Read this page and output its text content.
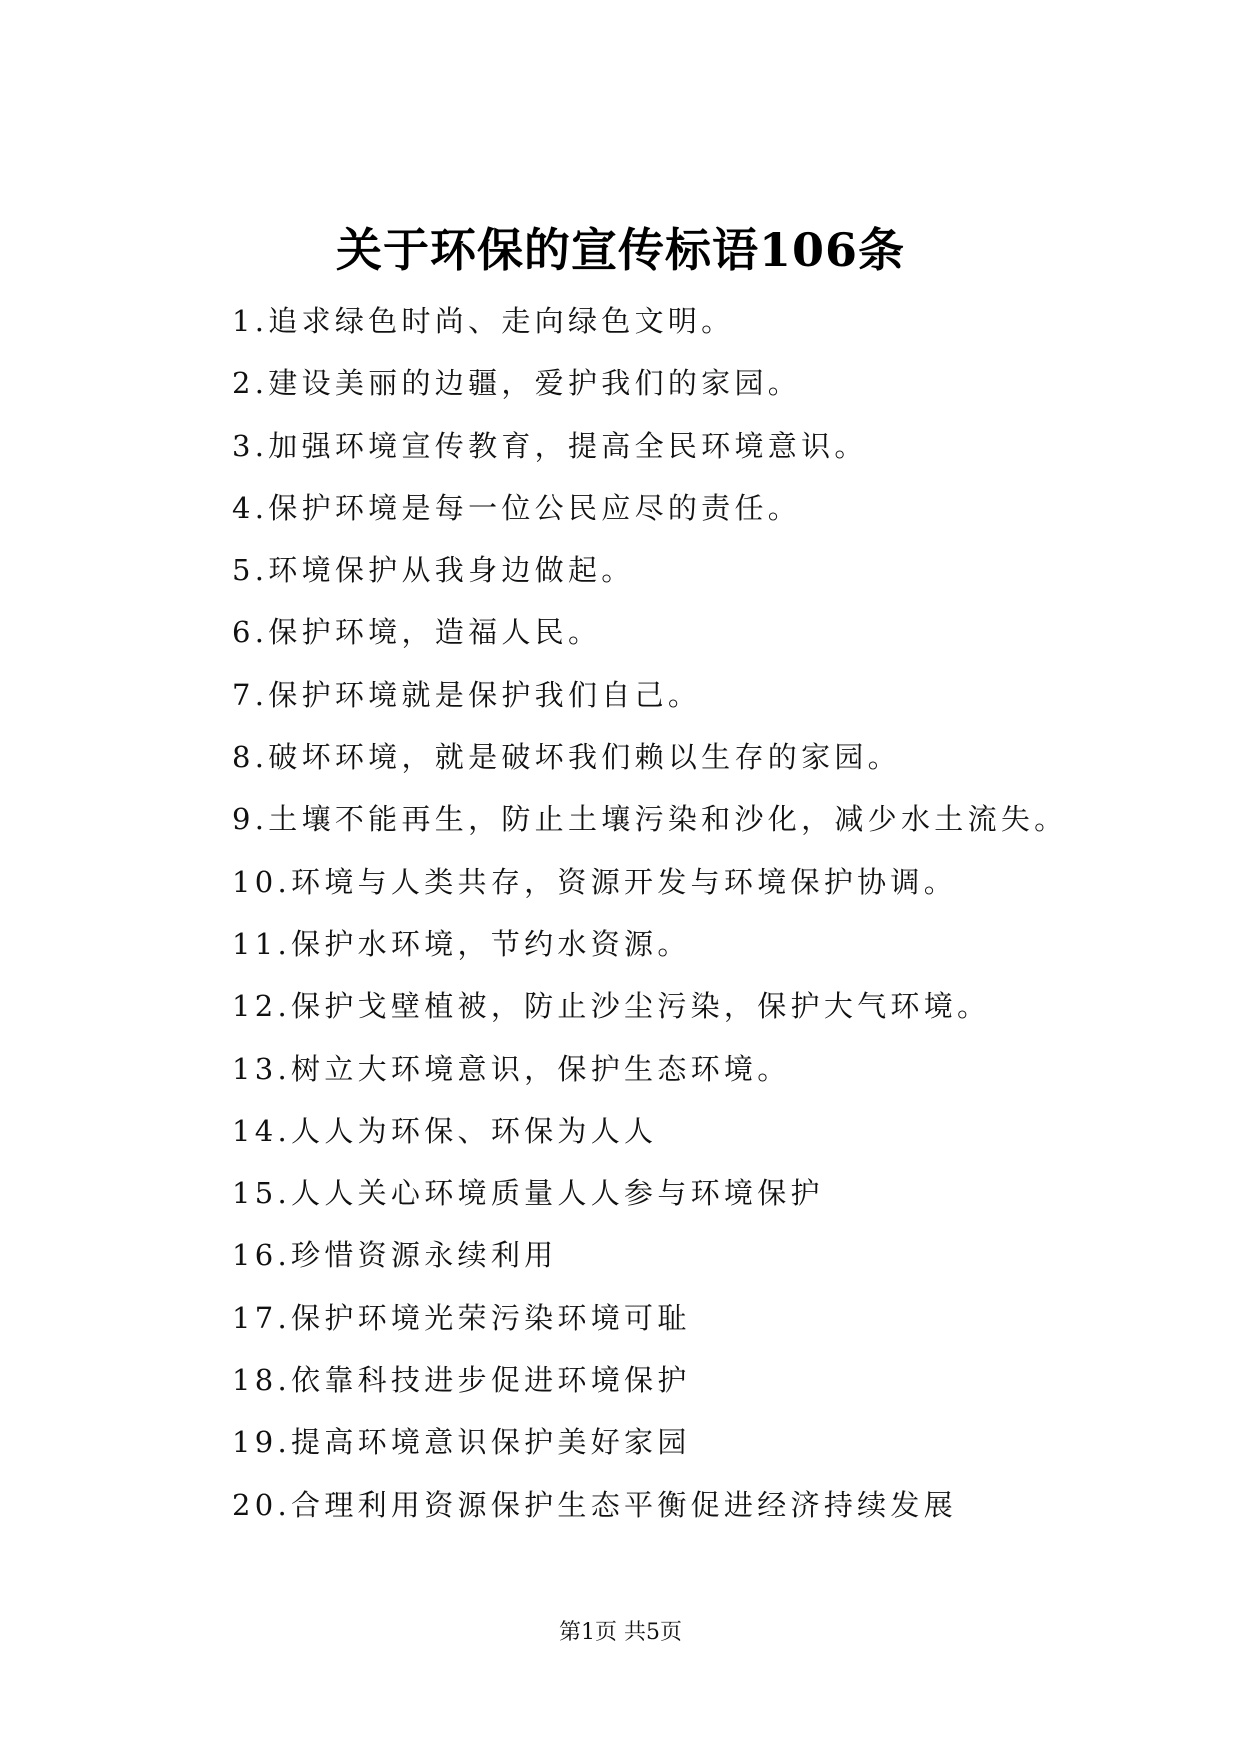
关于环保的宣传标语106条
1.追求绿色时尚、走向绿色文明。
2.建设美丽的边疆，爱护我们的家园。
3.加强环境宣传教育，提高全民环境意识。
4.保护环境是每一位公民应尽的责任。
5.环境保护从我身边做起。
6.保护环境，造福人民。
7.保护环境就是保护我们自己。
8.破坏环境，就是破坏我们赖以生存的家园。
9.土壤不能再生，防止土壤污染和沙化，减少水土流失。
10.环境与人类共存，资源开发与环境保护协调。
11.保护水环境，节约水资源。
12.保护戈壁植被，防止沙尘污染，保护大气环境。
13.树立大环境意识，保护生态环境。
14.人人为环保、环保为人人
15.人人关心环境质量人人参与环境保护
16.珍惜资源永续利用
17.保护环境光荣污染环境可耻
18.依靠科技进步促进环境保护
19.提高环境意识保护美好家园
20.合理利用资源保护生态平衡促进经济持续发展
第1页 共5页
